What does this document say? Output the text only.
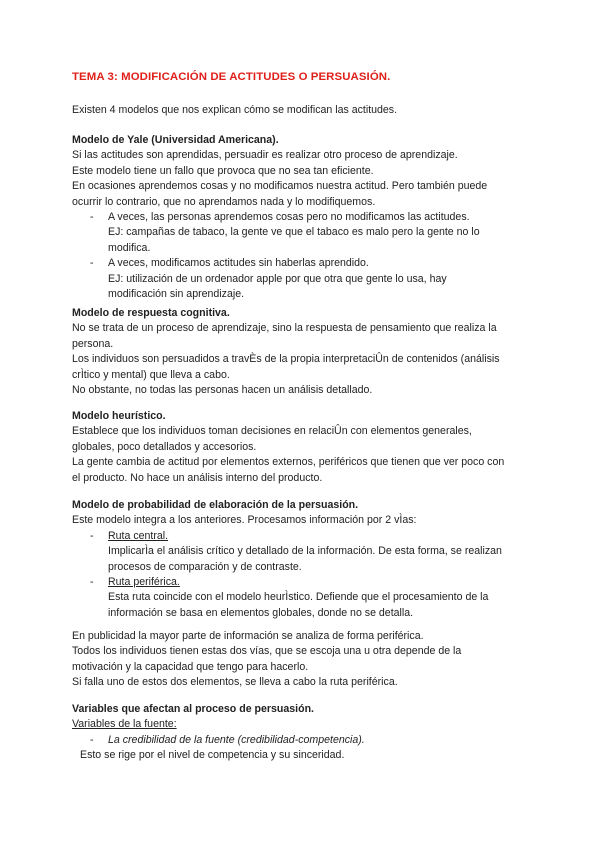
TEMA 3: MODIFICACIÓN DE ACTITUDES O PERSUASIÓN.

Existen 4 modelos que nos explican cómo se modifican las actitudes.

Modelo de Yale (Universidad Americana).

Si las actitudes son aprendidas, persuadir es realizar otro proceso de aprendizaje.

Este modelo tiene un fallo que provoca que no sea tan eficiente.

En ocasiones aprendemos cosas y no modificamos nuestra actitud. Pero también puede

ocurrir lo contrario, que no aprendamos nada y lo modifiquemos.

- A veces, las personas aprendemos cosas pero no modificamos las actitudes.

EJ: campañas de tabaco, la gente ve que el tabaco es malo pero la gente no lo

modifica.

- A veces, modificamos actitudes sin haberlas aprendido.

EJ: utilización de un ordenador apple por que otra que gente lo usa, hay

modificación sin aprendizaje.

Modelo de respuesta cognitiva.

No se trata de un proceso de aprendizaje, sino la respuesta de pensamiento que realiza la

persona.

Los individuos son persuadidos a travÈs de la propia interpretaciÛn de contenidos (análisis

crÌtico y mental) que lleva a cabo.

No obstante, no todas las personas hacen un análisis detallado.

Modelo heurístico.

Establece que los individuos toman decisiones en relaciÛn con elementos generales,

globales, poco detallados y accesorios.

La gente cambia de actitud por elementos externos, periféricos que tienen que ver poco con

el producto. No hace un análisis interno del producto.

Modelo de probabilidad de elaboración de la persuasión.

Este modelo integra a los anteriores. Procesamos información por 2 vÌas:

- Ruta central.

ImplicarÌa el análisis crítico y detallado de la información. De esta forma, se realizan

procesos de comparación y de contraste.

- Ruta periférica.

Esta ruta coincide con el modelo heurÌstico. Defiende que el procesamiento de la

información se basa en elementos globales, donde no se detalla.

En publicidad la mayor parte de información se analiza de forma periférica.

Todos los individuos tienen estas dos vías, que se escoja una u otra depende de la

motivación y la capacidad que tengo para hacerlo.

Si falla uno de estos dos elementos, se lleva a cabo la ruta periférica.

Variables que afectan al proceso de persuasión.

Variables de la fuente:

- La credibilidad de la fuente (credibilidad-competencia).

Esto se rige por el nivel de competencia y su sinceridad.
